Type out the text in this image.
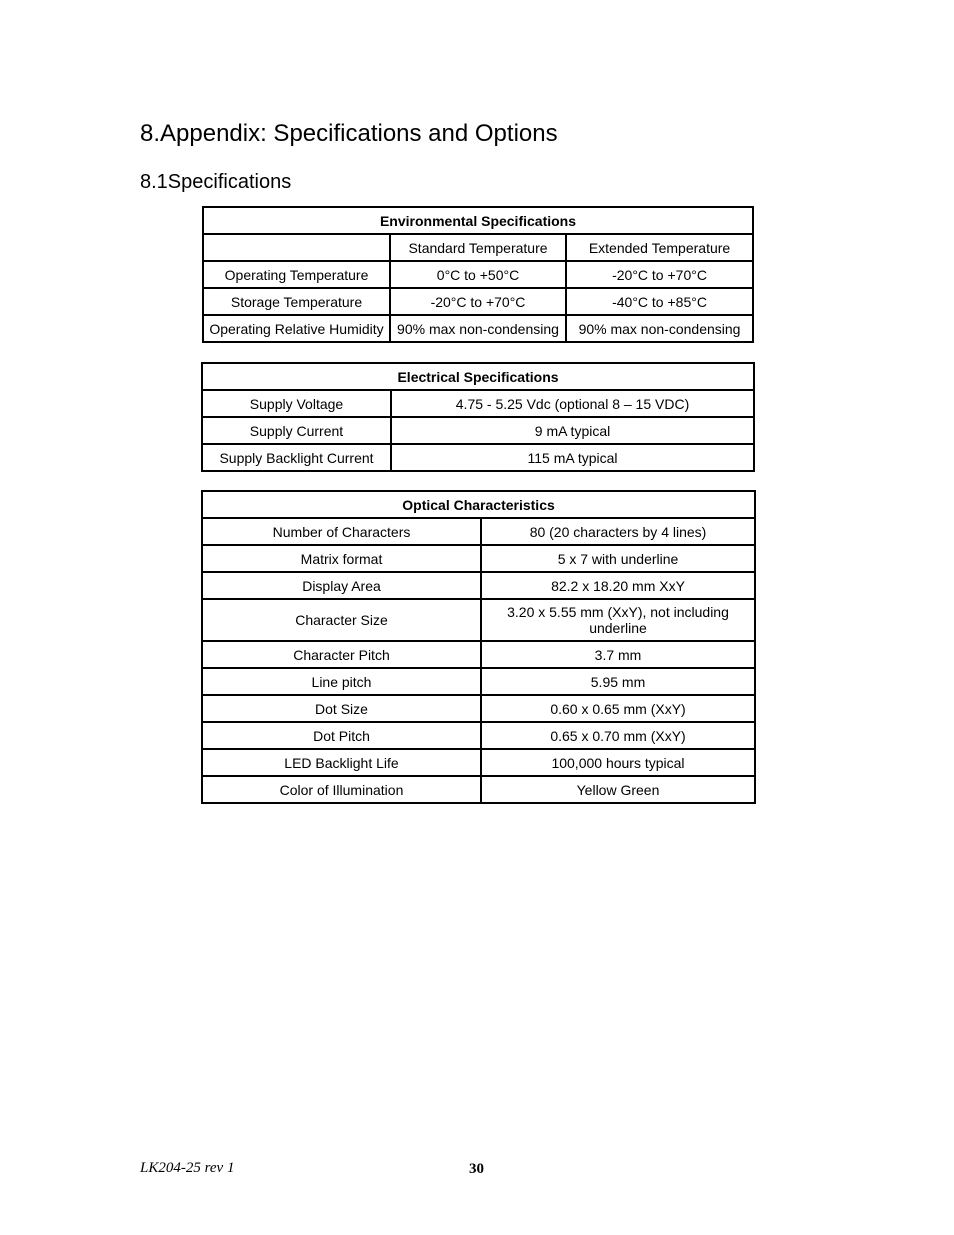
8.Appendix: Specifications and Options
8.1Specifications
Environmental Specifications		
	Standard Temperature	Extended Temperature
Operating Temperature	0°C to +50°C	-20°C to +70°C
Storage Temperature	-20°C to +70°C	-40°C to +85°C
Operating Relative Humidity	90% max non-condensing	90% max non-condensing
Electrical Specifications	
Supply Voltage	4.75 - 5.25 Vdc (optional 8 – 15 VDC)
Supply Current	9 mA typical
Supply Backlight Current	115 mA typical
Optical Characteristics	
Number of Characters	80 (20 characters by 4 lines)
Matrix format	5 x 7 with underline
Display Area	82.2 x 18.20 mm XxY
Character Size	3.20 x 5.55 mm (XxY), not including underline
Character Pitch	3.7 mm
Line pitch	5.95 mm
Dot Size	0.60 x 0.65 mm (XxY)
Dot Pitch	0.65 x 0.70 mm (XxY)
LED Backlight Life	100,000 hours typical
Color of Illumination	Yellow Green
LK204-25 rev 1	30
